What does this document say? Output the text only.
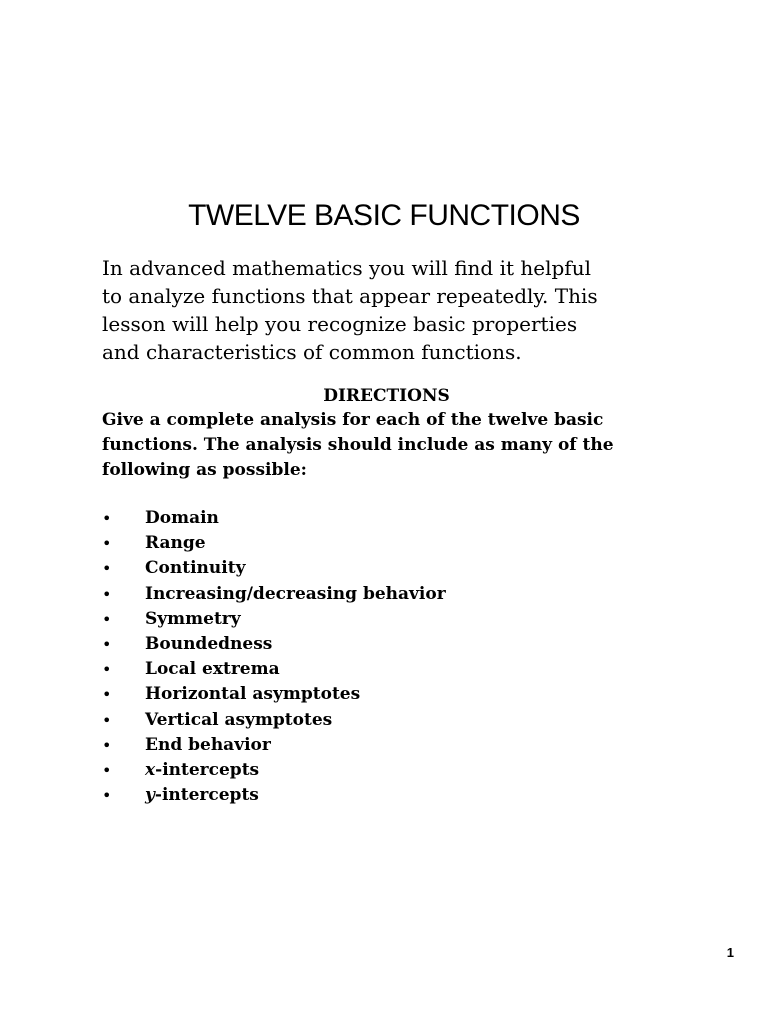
TWELVE BASIC FUNCTIONS

In advanced mathematics you will find it helpful
to analyze functions that appear repeatedly. This
lesson will help you recognize basic properties
and characteristics of common functions.

DIRECTIONS

Give a complete analysis for each of the twelve basic
functions. The analysis should include as many of the
following as possible:

• Domain
• Range
• Continuity
• Increasing/decreasing behavior
• Symmetry
• Boundedness
• Local extrema
• Horizontal asymptotes
• Vertical asymptotes
• End behavior
• x-intercepts
• y-intercepts
1
